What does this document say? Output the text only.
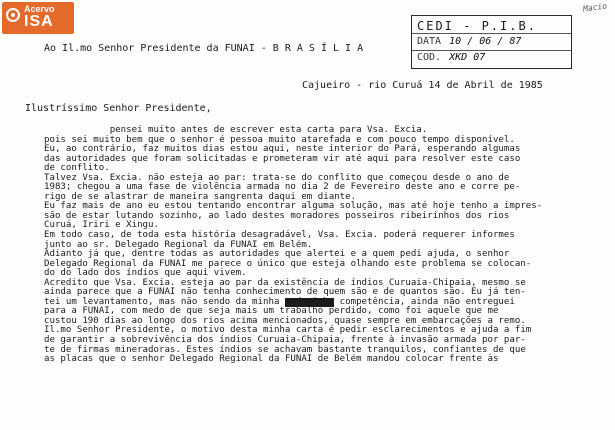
Acervo
ISA
Macio
CEDI - P.I.B.
DATA 10 / 06 / 87
COD. XKD 07
Ao Il.mo Senhor Presidente da FUNAI - B R A S Í L I A
Cajueiro - rio Curuá 14 de Abril de 1985
Ilustríssimo Senhor Presidente,
pensei muito antes de escrever esta carta para Vsa. Excia.
pois sei muito bem que o senhor é pessoa muito atarefada e com pouco tempo disponível.
Eu, ao contrário, faz muitos dias estou aqui, neste interior do Pará, esperando algumas
das autoridades que foram solicitadas e prometeram vir até aqui para resolver este caso
de conflito.
Talvez Vsa. Excia. não esteja ao par: trata-se do conflito que começou desde o ano de
1983; chegou a uma fase de violência armada no dia 2 de Fevereiro deste ano e corre pe-
rigo de se alastrar de maneira sangrenta daqui em diante.
Eu faz mais de ano eu estou tentando encontrar alguma solução, mas até hoje tenho a impres-
são de estar lutando sozinho, ao lado destes moradores posseiros ribeirinhos dos rios
Curuá, Iriri e Xingu.
Em todo caso, de toda esta história desagradável, Vsa. Excia. poderá requerer informes
junto ao sr. Delegado Regional da FUNAI em Belém.
Adianto já que, dentre todas as autoridades que alertei e a quem pedi ajuda, o senhor
Delegado Regional da FUNAI me parece o único que esteja olhando este problema se colocan-
do do lado dos índios que aqui vivem.
Acredito que Vsa. Excia. esteja ao par da existência de índios Curuaia-Chipaia, mesmo se
ainda parece que a FUNAI não tenha conhecimento de quem são e de quantos são. Eu já ten-
tei um levantamento, mas não sendo da minha mudominha competência, ainda não entreguei
para a FUNAI, com medo de que seja mais um trabalho perdido, como foi aquele que me
custou 190 dias ao longo dos rios acima mencionados, quase sempre em embarcações a remo.
Il.mo Senhor Presidente, o motivo desta minha carta é pedir esclarecimentos e ajuda a fim
de garantir a sobrevivência dos índios Curuaia-Chipaia, frente à invasão armada por par-
te de firmas mineradoras. Estes índios se achavam bastante tranquilos, confiantes de que
as placas que o senhor Delegado Regional da FUNAI de Belém mandou colocar frente às
